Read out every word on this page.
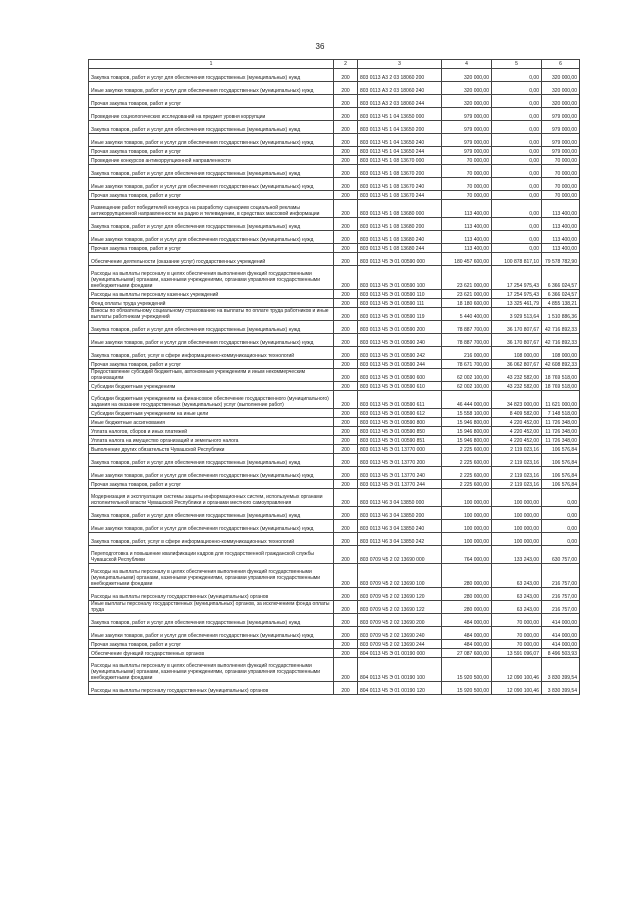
36
1	2	3	4	5	6
Закупка товаров, работ и услуг для обеспечения государственных (муниципальных) нужд	200	803 0113 А3 2 03 18060 200	320 000,00	0,00	320 000,00
Иные закупки товаров, работ и услуг для обеспечения государственных (муниципальных) нужд	200	803 0113 А3 2 03 18060 240	320 000,00	0,00	320 000,00
Прочая закупка товаров, работ и услуг	200	803 0113 А3 2 03 18060 244	320 000,00	0,00	320 000,00
Проведение социологических исследований на предмет уровня коррупции	200	803 0113 Ч5 1 04 13650 000	979 000,00	0,00	979 000,00
Закупка товаров, работ и услуг для обеспечения государственных (муниципальных) нужд	200	803 0113 Ч5 1 04 13650 200	979 000,00	0,00	979 000,00
Иные закупки товаров, работ и услуг для обеспечения государственных (муниципальных) нужд	200	803 0113 Ч5 1 04 13650 240	979 000,00	0,00	979 000,00
Прочая закупка товаров, работ и услуг	200	803 0113 Ч5 1 04 13650 244	979 000,00	0,00	979 000,00
Проведение конкурсов антикоррупционной направленности	200	803 0113 Ч5 1 08 13670 000	70 000,00	0,00	70 000,00
Закупка товаров, работ и услуг для обеспечения государственных (муниципальных) нужд	200	803 0113 Ч5 1 08 13670 200	70 000,00	0,00	70 000,00
Иные закупки товаров, работ и услуг для обеспечения государственных (муниципальных) нужд	200	803 0113 Ч5 1 08 13670 240	70 000,00	0,00	70 000,00
Прочая закупка товаров, работ и услуг	200	803 0113 Ч5 1 08 13670 244	70 000,00	0,00	70 000,00
Размещение работ победителей конкурса на разработку сценариев социальной рекламы антикоррупционной направленности на радио и телевидении, в средствах массовой информации	200	803 0113 Ч5 1 08 13680 000	113 400,00	0,00	113 400,00
Закупка товаров, работ и услуг для обеспечения государственных (муниципальных) нужд	200	803 0113 Ч5 1 08 13680 200	113 400,00	0,00	113 400,00
Иные закупки товаров, работ и услуг для обеспечения государственных (муниципальных) нужд	200	803 0113 Ч5 1 08 13680 240	113 400,00	0,00	113 400,00
Прочая закупка товаров, работ и услуг	200	803 0113 Ч5 1 08 13680 244	113 400,00	0,00	113 400,00
Обеспечение деятельности (оказание услуг) государственных учреждений	200	803 0113 Ч5 Э 01 00590 000	180 457 600,00	100 878 817,10	79 578 782,90
Расходы на выплаты персоналу в целях обеспечения выполнения функций государственными (муниципальными) органами, казенными учреждениями, органами управления государственными внебюджетными фондами	200	803 0113 Ч5 Э 01 00590 100	23 621 000,00	17 254 975,43	6 366 024,57
Расходы на выплаты персоналу казенных учреждений	200	803 0113 Ч5 Э 01 00590 110	23 621 000,00	17 254 975,43	6 366 024,57
Фонд оплаты труда учреждений	200	803 0113 Ч5 Э 01 00590 111	18 180 600,00	13 325 461,79	4 855 138,21
Взносы по обязательному социальному страхованию на выплаты по оплате труда работников и иные выплаты работникам учреждений	200	803 0113 Ч5 Э 01 00590 119	5 440 400,00	3 929 513,64	1 510 886,36
Закупка товаров, работ и услуг для обеспечения государственных (муниципальных) нужд	200	803 0113 Ч5 Э 01 00590 200	78 887 700,00	36 170 807,67	42 716 892,33
Иные закупки товаров, работ и услуг для обеспечения государственных (муниципальных) нужд	200	803 0113 Ч5 Э 01 00590 240	78 887 700,00	36 170 807,67	42 716 892,33
Закупка товаров, работ, услуг в сфере информационно-коммуникационных технологий	200	803 0113 Ч5 Э 01 00590 242	216 000,00	108 000,00	108 000,00
Прочая закупка товаров, работ и услуг	200	803 0113 Ч5 Э 01 00590 244	78 671 700,00	36 062 807,67	42 608 892,33
Предоставление субсидий бюджетным, автономным учреждениям и иным некоммерческим организациям	200	803 0113 Ч5 Э 01 00590 600	62 002 100,00	43 232 582,00	18 769 518,00
Субсидии бюджетным учреждениям	200	803 0113 Ч5 Э 01 00590 610	62 002 100,00	43 232 582,00	18 769 518,00
Субсидии бюджетным учреждениям на финансовое обеспечение государственного (муниципального) задания на оказание государственных (муниципальных) услуг (выполнение работ)	200	803 0113 Ч5 Э 01 00590 611	46 444 000,00	34 823 000,00	11 621 000,00
Субсидии бюджетным учреждениям на иные цели	200	803 0113 Ч5 Э 01 00590 612	15 558 100,00	8 409 582,00	7 148 518,00
Иные бюджетные ассигнования	200	803 0113 Ч5 Э 01 00590 800	15 946 800,00	4 220 452,00	11 726 348,00
Уплата налогов, сборов и иных платежей	200	803 0113 Ч5 Э 01 00590 850	15 946 800,00	4 220 452,00	11 726 348,00
Уплата налога на имущество организаций и земельного налога	200	803 0113 Ч5 Э 01 00590 851	15 946 800,00	4 220 452,00	11 726 348,00
Выполнение других обязательств Чувашской Республики	200	803 0113 Ч5 Э 01 13770 000	2 225 600,00	2 119 023,16	106 576,84
Закупка товаров, работ и услуг для обеспечения государственных (муниципальных) нужд	200	803 0113 Ч5 Э 01 13770 200	2 225 600,00	2 119 023,16	106 576,84
Иные закупки товаров, работ и услуг для обеспечения государственных (муниципальных) нужд	200	803 0113 Ч5 Э 01 13770 240	2 225 600,00	2 119 023,16	106 576,84
Прочая закупка товаров, работ и услуг	200	803 0113 Ч5 Э 01 13770 244	2 225 600,00	2 119 023,16	106 576,84
Модернизация и эксплуатация системы защиты информационных систем, используемых органами исполнительной власти Чувашской Республики и органами местного самоуправления	200	803 0113 Ч6 3 04 13850 000	100 000,00	100 000,00	0,00
Закупка товаров, работ и услуг для обеспечения государственных (муниципальных) нужд	200	803 0113 Ч6 3 04 13850 200	100 000,00	100 000,00	0,00
Иные закупки товаров, работ и услуг для обеспечения государственных (муниципальных) нужд	200	803 0113 Ч6 3 04 13850 240	100 000,00	100 000,00	0,00
Закупка товаров, работ, услуг в сфере информационно-коммуникационных технологий	200	803 0113 Ч6 3 04 13850 242	100 000,00	100 000,00	0,00
Переподготовка и повышение квалификации кадров для государственной гражданской службы Чувашской Республики	200	803 0709 Ч5 2 02 13690 000	764 000,00	133 243,00	630 757,00
Расходы на выплаты персоналу в целях обеспечения выполнения функций государственными (муниципальными) органами, казенными учреждениями, органами управления государственными внебюджетными фондами	200	803 0709 Ч5 2 02 13690 100	280 000,00	63 243,00	216 757,00
Расходы на выплаты персоналу государственных (муниципальных) органов	200	803 0709 Ч5 2 02 13690 120	280 000,00	63 243,00	216 757,00
Иные выплаты персоналу государственных (муниципальных) органов, за исключением фонда оплаты труда	200	803 0709 Ч5 2 02 13690 122	280 000,00	63 243,00	216 757,00
Закупка товаров, работ и услуг для обеспечения государственных (муниципальных) нужд	200	803 0709 Ч5 2 02 13690 200	484 000,00	70 000,00	414 000,00
Иные закупки товаров, работ и услуг для обеспечения государственных (муниципальных) нужд	200	803 0709 Ч5 2 02 13690 240	484 000,00	70 000,00	414 000,00
Прочая закупка товаров, работ и услуг	200	803 0709 Ч5 2 02 13690 244	484 000,00	70 000,00	414 000,00
Обеспечение функций государственных органов	200	804 0113 Ч5 Э 01 00190 000	27 087 600,00	13 591 096,07	8 496 503,93
Расходы на выплаты персоналу в целях обеспечения выполнения функций государственными (муниципальными) органами, казенными учреждениями, органами управления государственными внебюджетными фондами	200	804 0113 Ч5 Э 01 00190 100	15 920 500,00	12 090 100,46	3 830 399,54
Расходы на выплаты персоналу государственных (муниципальных) органов	200	804 0113 Ч5 Э 01 00190 120	15 920 500,00	12 090 100,46	3 830 399,54
